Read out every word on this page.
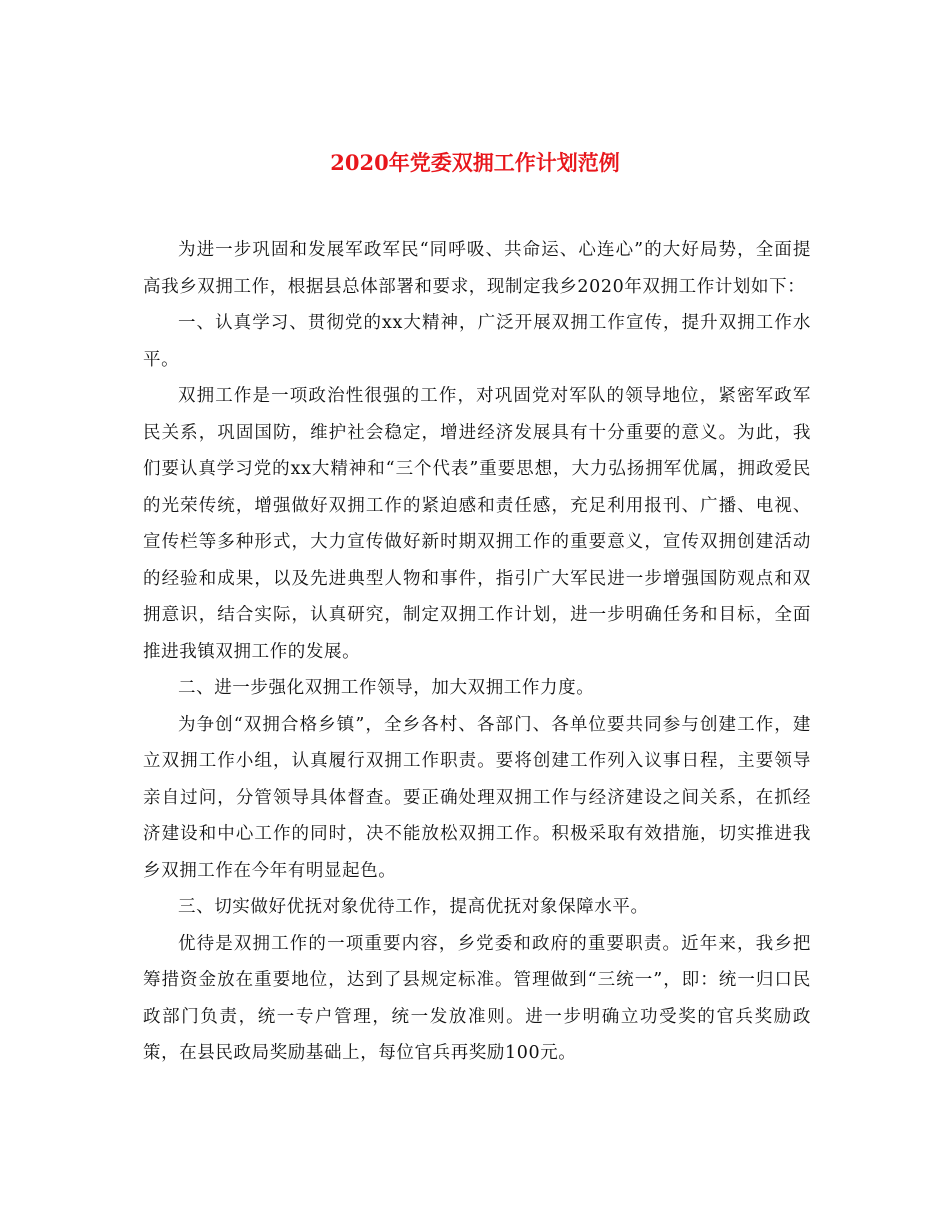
2020年党委双拥工作计划范例

为进一步巩固和发展军政军民“同呼吸、共命运、心连心”的大好局势，全面提高我乡双拥工作，根据县总体部署和要求，现制定我乡2020年双拥工作计划如下：

一、认真学习、贯彻党的xx大精神，广泛开展双拥工作宣传，提升双拥工作水平。

双拥工作是一项政治性很强的工作，对巩固党对军队的领导地位，紧密军政军民关系，巩固国防，维护社会稳定，增进经济发展具有十分重要的意义。为此，我们要认真学习党的xx大精神和“三个代表”重要思想，大力弘扬拥军优属，拥政爱民的光荣传统，增强做好双拥工作的紧迫感和责任感，充足利用报刊、广播、电视、宣传栏等多种形式，大力宣传做好新时期双拥工作的重要意义，宣传双拥创建活动的经验和成果，以及先进典型人物和事件，指引广大军民进一步增强国防观点和双拥意识，结合实际，认真研究，制定双拥工作计划，进一步明确任务和目标，全面推进我镇双拥工作的发展。

二、进一步强化双拥工作领导，加大双拥工作力度。

为争创“双拥合格乡镇”，全乡各村、各部门、各单位要共同参与创建工作，建立双拥工作小组，认真履行双拥工作职责。要将创建工作列入议事日程，主要领导亲自过问，分管领导具体督查。要正确处理双拥工作与经济建设之间关系，在抓经济建设和中心工作的同时，决不能放松双拥工作。积极采取有效措施，切实推进我乡双拥工作在今年有明显起色。

三、切实做好优抚对象优待工作，提高优抚对象保障水平。

优待是双拥工作的一项重要内容，乡党委和政府的重要职责。近年来，我乡把筹措资金放在重要地位，达到了县规定标准。管理做到“三统一”，即：统一归口民政部门负责，统一专户管理，统一发放准则。进一步明确立功受奖的官兵奖励政策，在县民政局奖励基础上，每位官兵再奖励100元。
